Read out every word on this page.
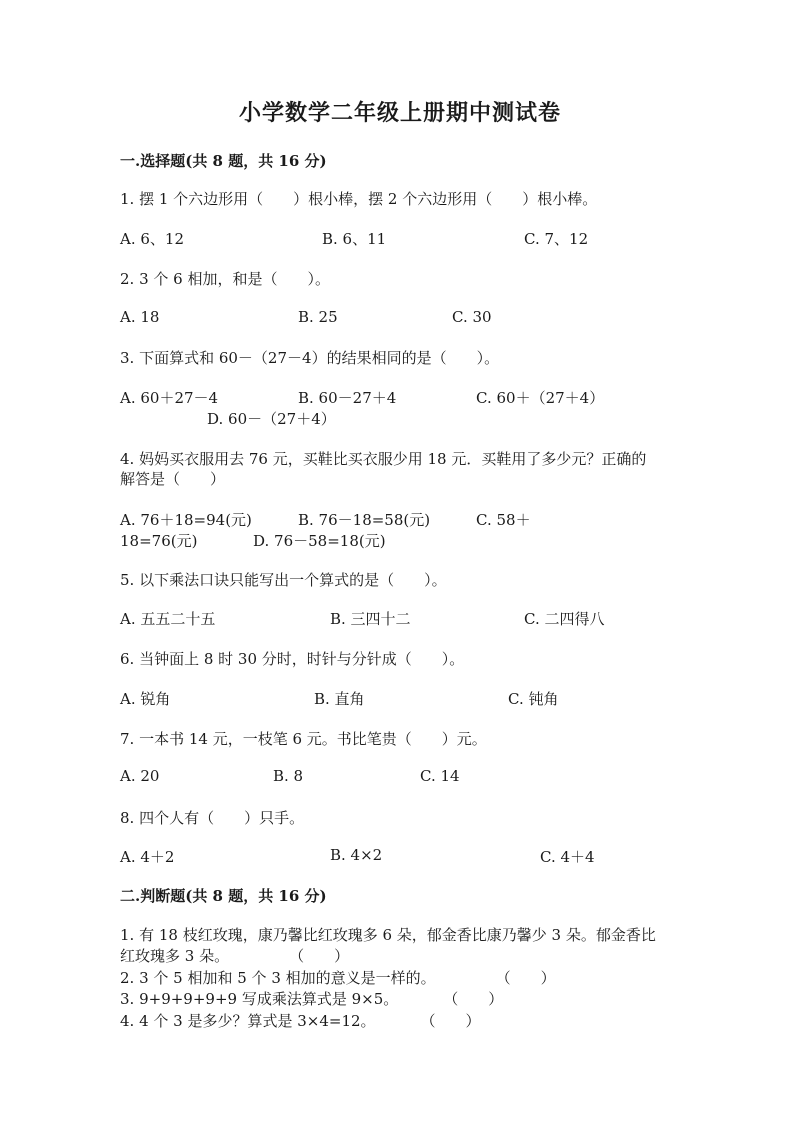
小学数学二年级上册期中测试卷
一.选择题(共 8 题，共 16 分)
1. 摆 1 个六边形用（　　）根小棒，摆 2 个六边形用（　　）根小棒。
A. 6、12	B. 6、11	C. 7、12
2. 3 个 6 相加，和是（　　）。
A. 18	B. 25	C. 30
3. 下面算式和 60－（27－4）的结果相同的是（　　）。
A. 60＋27－4	B. 60－27＋4	C. 60＋（27＋4）
D. 60－（27＋4）
4. 妈妈买衣服用去 76 元，买鞋比买衣服少用 18 元．买鞋用了多少元？正确的
解答是（　　）
A. 76＋18=94(元)	B. 76－18=58(元)	C. 58＋
18=76(元)	D. 76－58=18(元)
5. 以下乘法口诀只能写出一个算式的是（　　）。
A. 五五二十五	B. 三四十二	C. 二四得八
6. 当钟面上 8 时 30 分时，时针与分针成（　　）。
A. 锐角	B. 直角	C. 钝角
7. 一本书 14 元，一枝笔 6 元。书比笔贵（　　）元。
A. 20	B. 8	C. 14
8. 四个人有（　　）只手。
A. 4＋2	B. 4×2	C. 4＋4
二.判断题(共 8 题，共 16 分)
1. 有 18 枝红玫瑰，康乃馨比红玫瑰多 6 朵，郁金香比康乃馨少 3 朵。郁金香比
红玫瑰多 3 朵。　　　　　（　　）
2. 3 个 5 相加和 5 个 3 相加的意义是一样的。　　　　　（　　）
3. 9+9+9+9+9 写成乘法算式是 9×5。　　　　（　　）
4. 4 个 3 是多少？算式是 3×4=12。　　　　（　　）
